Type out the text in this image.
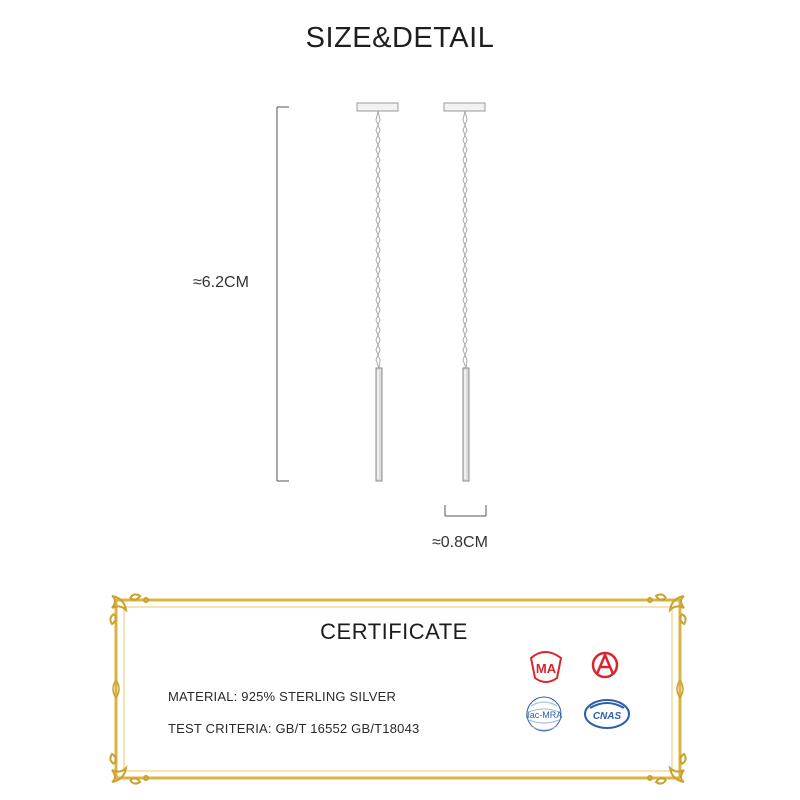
SIZE&DETAIL
MA
ilac-MRA	CNAS
≈6.2CM
≈0.8CM
CERTIFICATE
MATERIAL: 925% STERLING SILVER
TEST CRITERIA: GB/T 16552 GB/T18043
